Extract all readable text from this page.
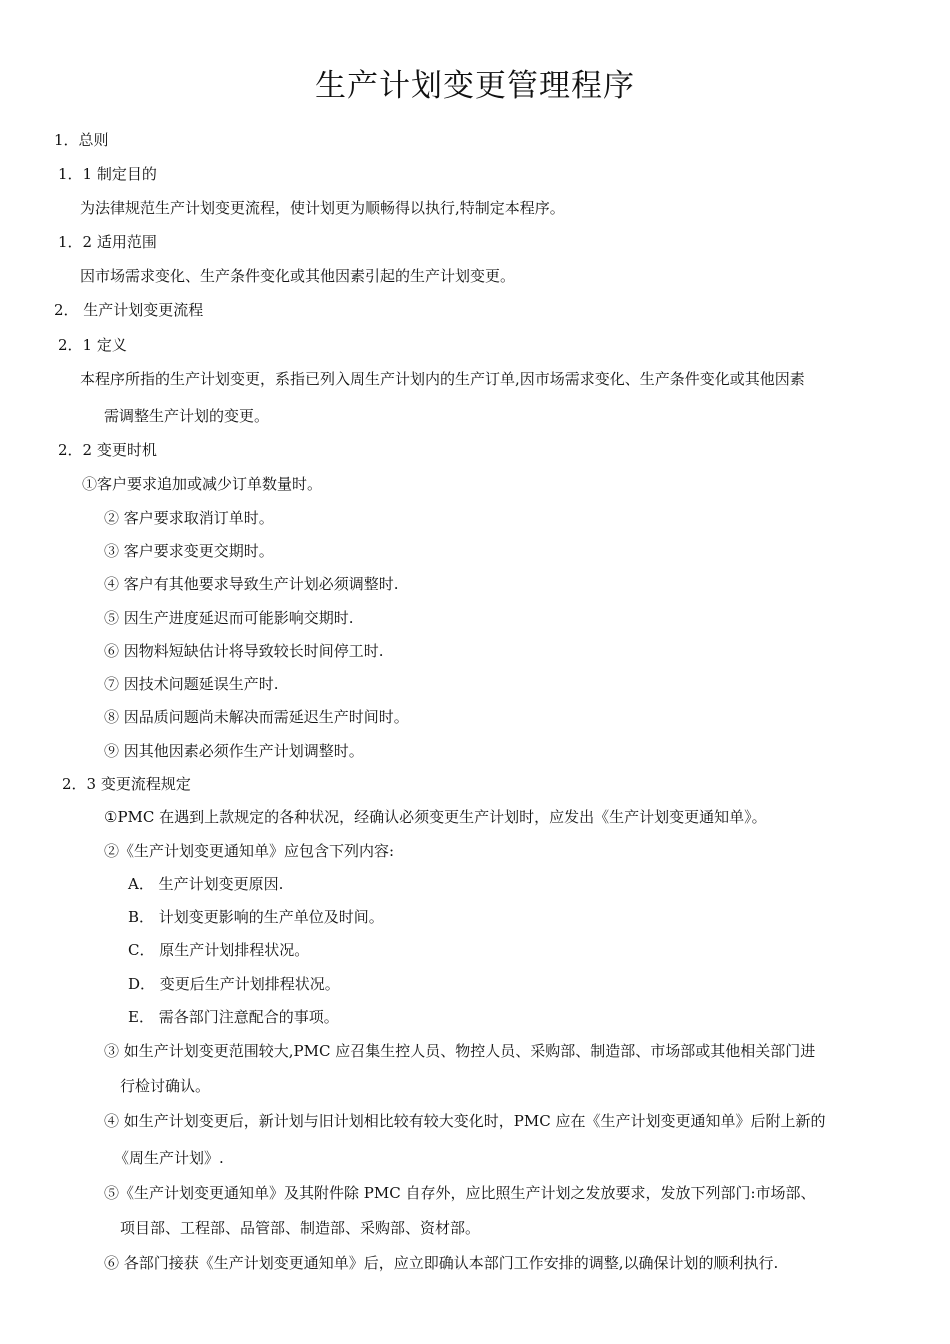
生产计划变更管理程序
1．总则
1．1 制定目的
为法律规范生产计划变更流程，使计划更为顺畅得以执行,特制定本程序。
1．2 适用范围
因市场需求变化、生产条件变化或其他因素引起的生产计划变更。
2． 生产计划变更流程
2．1 定义
本程序所指的生产计划变更，系指已列入周生产计划内的生产订单,因市场需求变化、生产条件变化或其他因素
需调整生产计划的变更。
2．2 变更时机
①客户要求追加或减少订单数量时。
② 客户要求取消订单时。
③ 客户要求变更交期时。
④ 客户有其他要求导致生产计划必须调整时.
⑤ 因生产进度延迟而可能影响交期时.
⑥ 因物料短缺估计将导致较长时间停工时.
⑦ 因技术问题延误生产时.
⑧ 因品质问题尚未解决而需延迟生产时间时。
⑨ 因其他因素必须作生产计划调整时。
2．3 变更流程规定
①PMC 在遇到上款规定的各种状况，经确认必须变更生产计划时，应发出《生产计划变更通知单》。
②《生产计划变更通知单》应包含下列内容:
A． 生产计划变更原因.
B． 计划变更影响的生产单位及时间。
C． 原生产计划排程状况。
D． 变更后生产计划排程状况。
E． 需各部门注意配合的事项。
③ 如生产计划变更范围较大,PMC 应召集生控人员、物控人员、采购部、制造部、市场部或其他相关部门进
行检讨确认。
④ 如生产计划变更后，新计划与旧计划相比较有较大变化时，PMC 应在《生产计划变更通知单》后附上新的
《周生产计划》.
⑤《生产计划变更通知单》及其附件除 PMC 自存外，应比照生产计划之发放要求，发放下列部门:市场部、
项目部、工程部、品管部、制造部、采购部、资材部。
⑥ 各部门接获《生产计划变更通知单》后，应立即确认本部门工作安排的调整,以确保计划的顺利执行.
